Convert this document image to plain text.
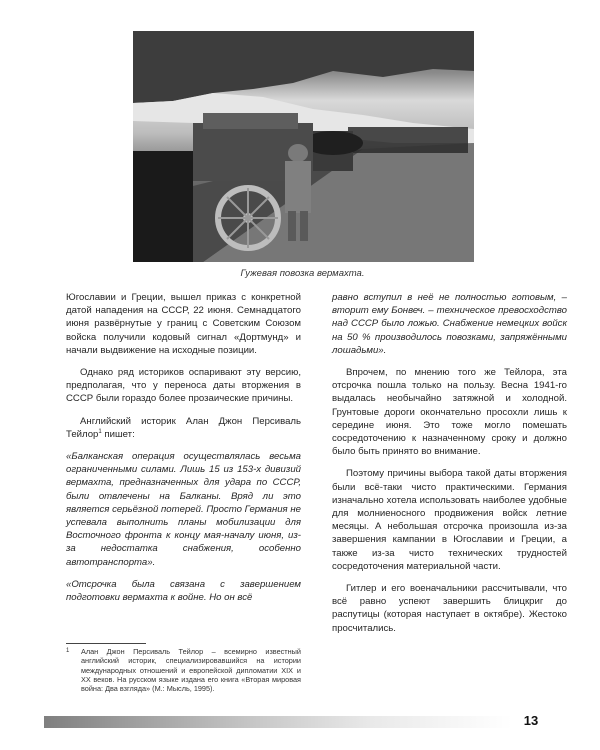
Гужевая повозка вермахта.

Югославии и Греции, вышел приказ с конкретной датой нападения на СССР, 22 июня. Семнадцатого июня развёрнутые у границ с Советским Союзом войска получили кодовый сигнал «Дортмунд» и начали выдвижение на исходные позиции.

Однако ряд историков оспаривают эту версию, предполагая, что у переноса даты вторжения в СССР были гораздо более прозаические причины.

Английский историк Алан Джон Персиваль Тейлор$^1$ пишет:

«Балканская операция осуществлялась весьма ограниченными силами. Лишь 15 из 153-х дивизий вермахта, предназначенных для удара по СССР, были отвлечены на Балканы. Вряд ли это является серьёзной потерей. Просто Германия не успевала выполнить планы мобилизации для Восточного фронта к концу мая-началу июня, из-за недостатка снабжения, особенно автотранспорта».

«Отсрочка была связана с завершением подготовки вермахта к войне. Но он всё

1 Алан Джон Персиваль Тейлор – всемирно известный английский историк, специализировавшийся на истории международных отношений и европейской дипломатии XIX и XX веков. На русском языке издана его книга «Вторая мировая война: Два взгляда» (М.: Мысль, 1995).

равно вступил в неё не полностью готовым, – вторит ему Бонвеч. – техническое превосходство над СССР было ложью. Снабжение немецких войск на 50 % производилось повозками, запряжёнными лошадьми».

Впрочем, по мнению того же Тейлора, эта отсрочка пошла только на пользу. Весна 1941-го выдалась необычайно затяжной и холодной. Грунтовые дороги окончательно просохли лишь к середине июня. Это тоже могло помешать сосредоточению к назначенному сроку и должно было быть принято во внимание.

Поэтому причины выбора такой даты вторжения были всё-таки чисто практическими. Германия изначально хотела использовать наиболее удобные для молниеносного продвижения войск летние месяцы. А небольшая отсрочка произошла из-за завершения кампании в Югославии и Греции, а также из-за чисто технических трудностей сосредоточения материальной части.

Гитлер и его военачальники рассчитывали, что всё равно успеют завершить блицкриг до распутицы (которая наступает в октябре). Жестоко просчитались.

13
